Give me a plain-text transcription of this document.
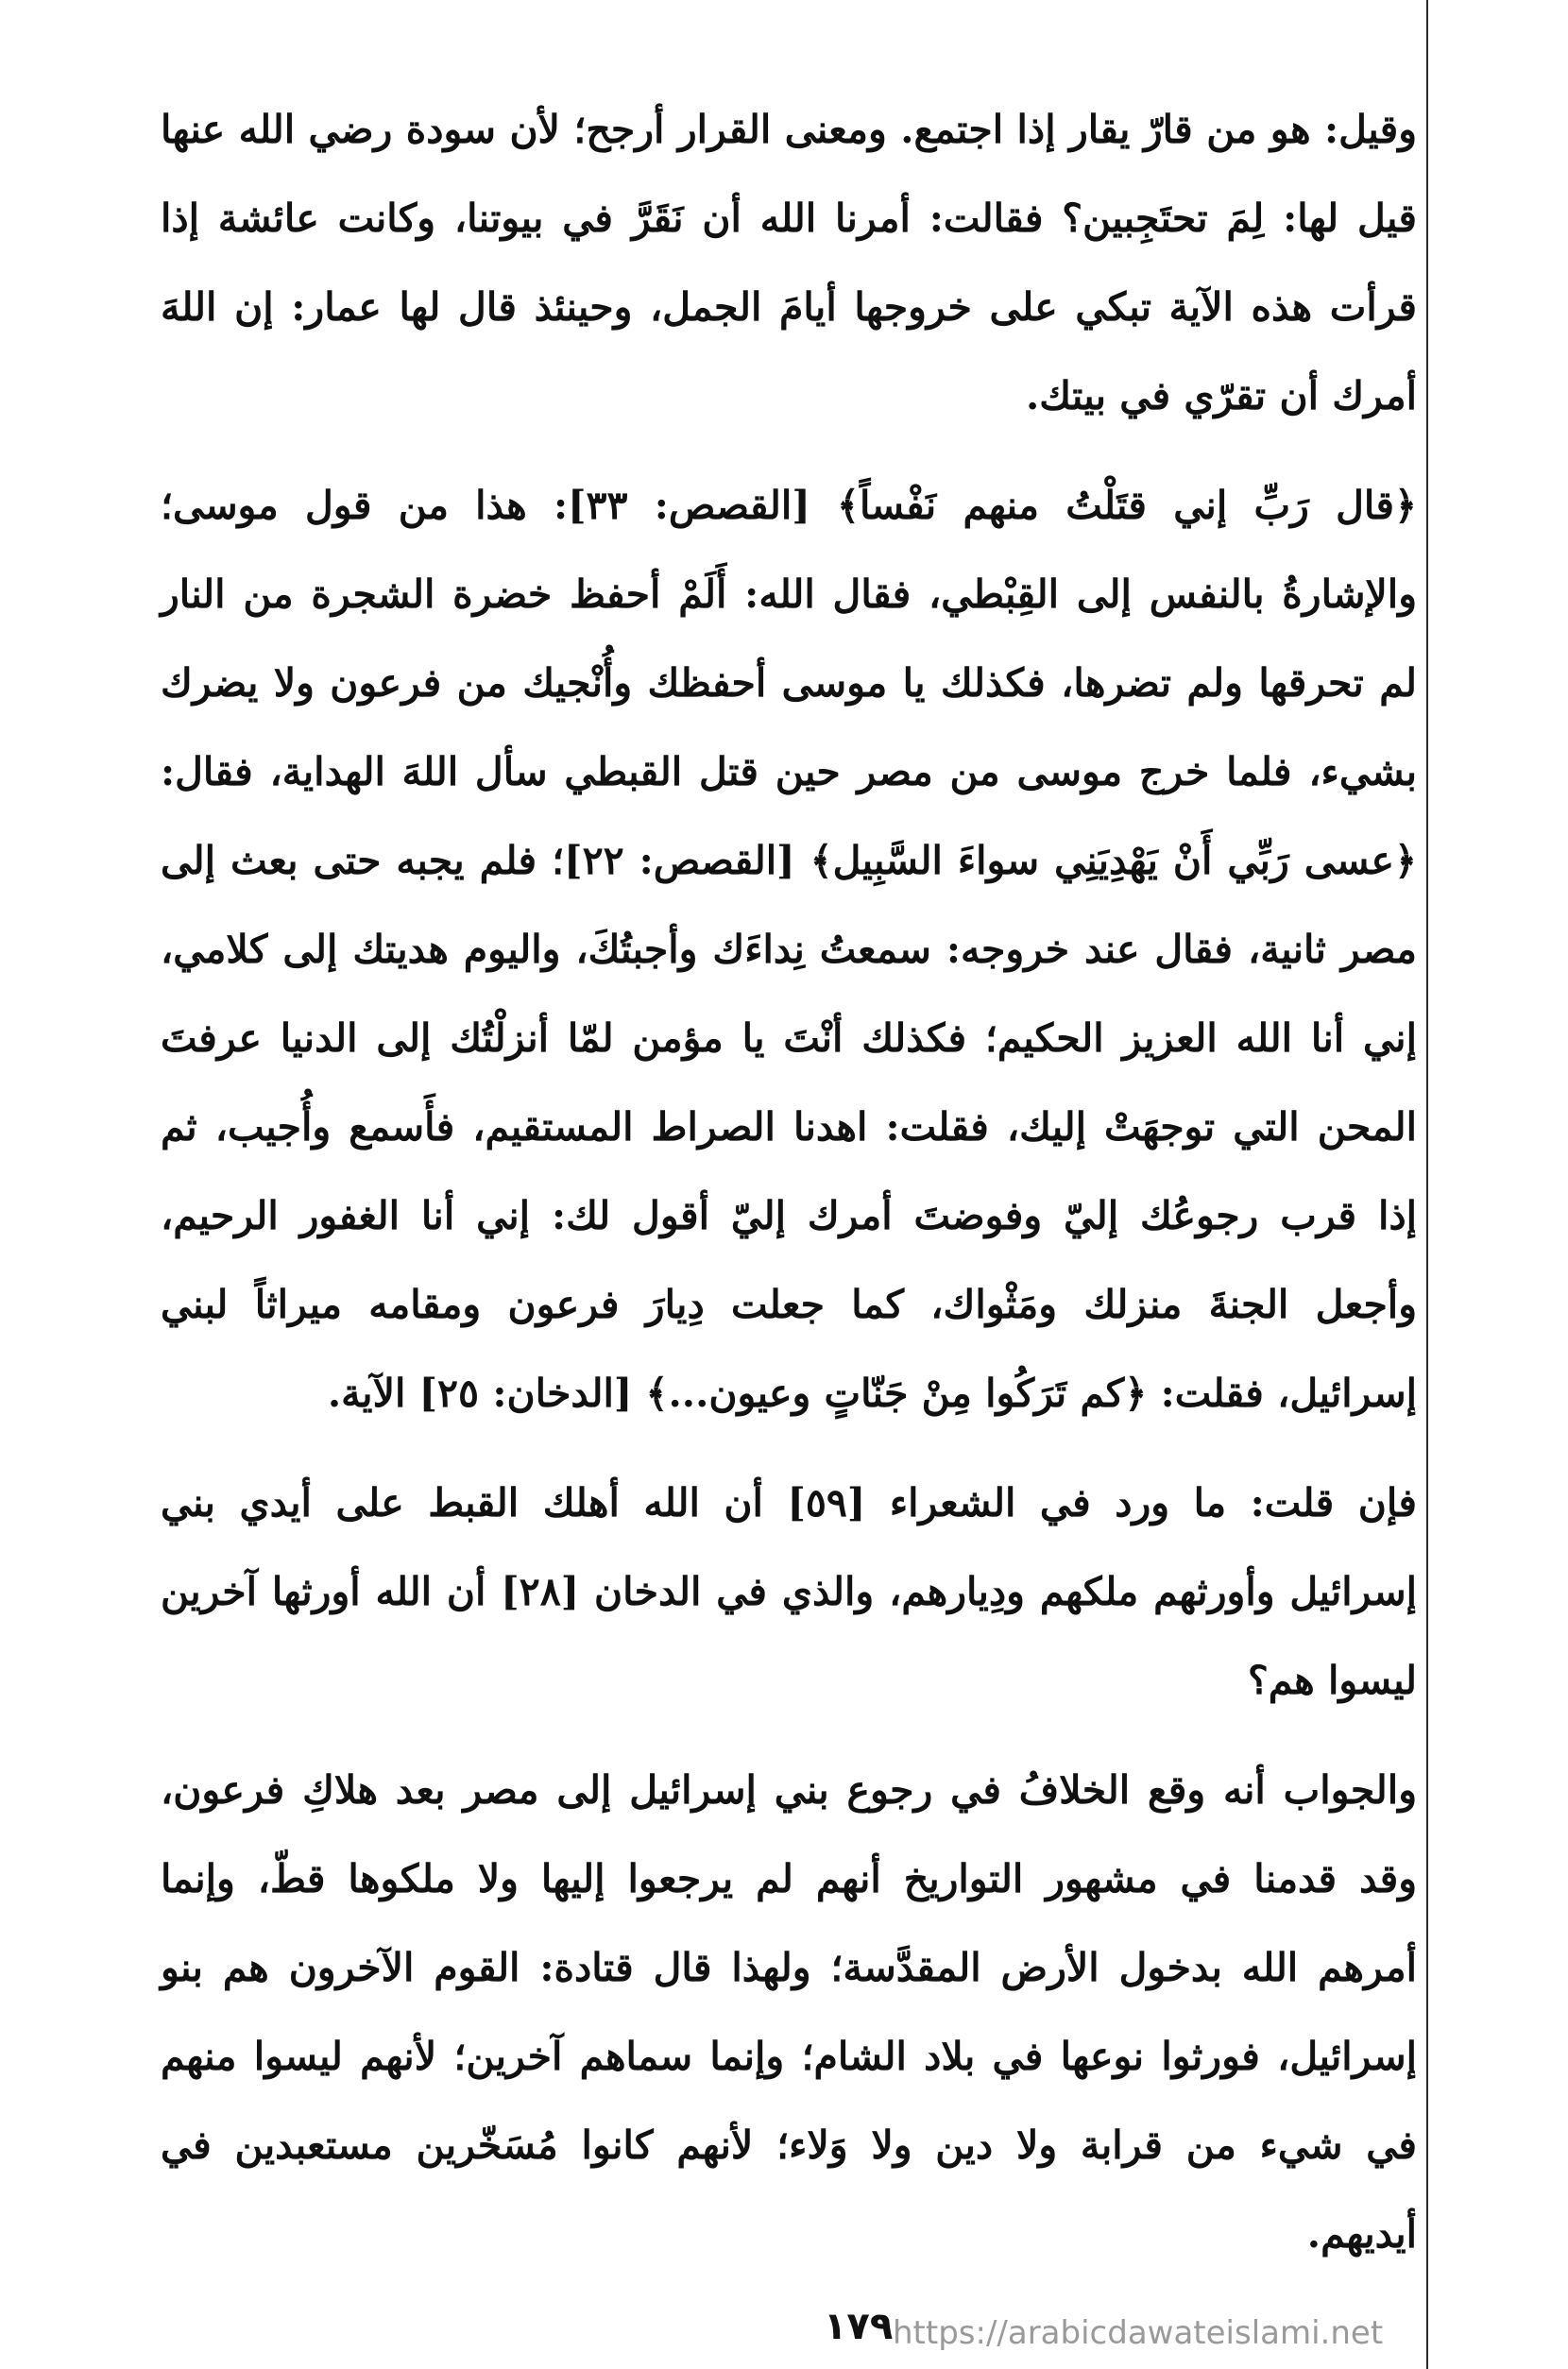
وقيل: هو من قارّ يقار إذا اجتمع. ومعنى القرار أرجح؛ لأن سودة رضي الله عنها قيل لها: لِمَ تحتَجِبين؟ فقالت: أمرنا الله أن نَقَرَّ في بيوتنا، وكانت عائشة إذا قرأت هذه الآية تبكي على خروجها أيامَ الجمل، وحينئذ قال لها عمار: إن اللهَ أمرك أن تقرّي في بيتك.

﴿قال رَبِّ إني قتَلْتُ منهم نَفْساً﴾ [القصص: ٣٣]: هذا من قول موسى؛ والإشارةُ بالنفس إلى القِبْطي، فقال الله: أَلَمْ أحفظ خضرة الشجرة من النار لم تحرقها ولم تضرها، فكذلك يا موسى أحفظك وأُنْجيك من فرعون ولا يضرك بشيء، فلما خرج موسى من مصر حين قتل القبطي سأل اللهَ الهداية، فقال: ﴿عسى رَبِّي أَنْ يَهْدِيَنِي سواءَ السَّبِيل﴾ [القصص: ٢٢]؛ فلم يجبه حتى بعث إلى مصر ثانية، فقال عند خروجه: سمعتُ نِداءَك وأجبتُكَ، واليوم هديتك إلى كلامي، إني أنا الله العزيز الحكيم؛ فكذلك أنْتَ يا مؤمن لمّا أنزلْتُك إلى الدنيا عرفتَ المحن التي توجهَتْ إليك، فقلت: اهدنا الصراط المستقيم، فأَسمع وأُجيب، ثم إذا قرب رجوعُك إليّ وفوضتَ أمرك إليّ أقول لك: إني أنا الغفور الرحيم، وأجعل الجنةَ منزلك ومَثْواك، كما جعلت دِيارَ فرعون ومقامه ميراثاً لبني إسرائيل، فقلت: ﴿كم تَرَكُوا مِنْ جَنّاتٍ وعيون...﴾ [الدخان: ٢٥] الآية.

فإن قلت: ما ورد في الشعراء [٥٩] أن الله أهلك القبط على أيدي بني إسرائيل وأورثهم ملكهم ودِيارهم، والذي في الدخان [٢٨] أن الله أورثها آخرين ليسوا هم؟

والجواب أنه وقع الخلافُ في رجوع بني إسرائيل إلى مصر بعد هلاكِ فرعون، وقد قدمنا في مشهور التواريخ أنهم لم يرجعوا إليها ولا ملكوها قطّ، وإنما أمرهم الله بدخول الأرض المقدَّسة؛ ولهذا قال قتادة: القوم الآخرون هم بنو إسرائيل، فورثوا نوعها في بلاد الشام؛ وإنما سماهم آخرين؛ لأنهم ليسوا منهم في شيء من قرابة ولا دين ولا وَلاء؛ لأنهم كانوا مُسَخّرين مستعبدين في أيديهم.

١٧٩ https://arabicdawateislami.net
